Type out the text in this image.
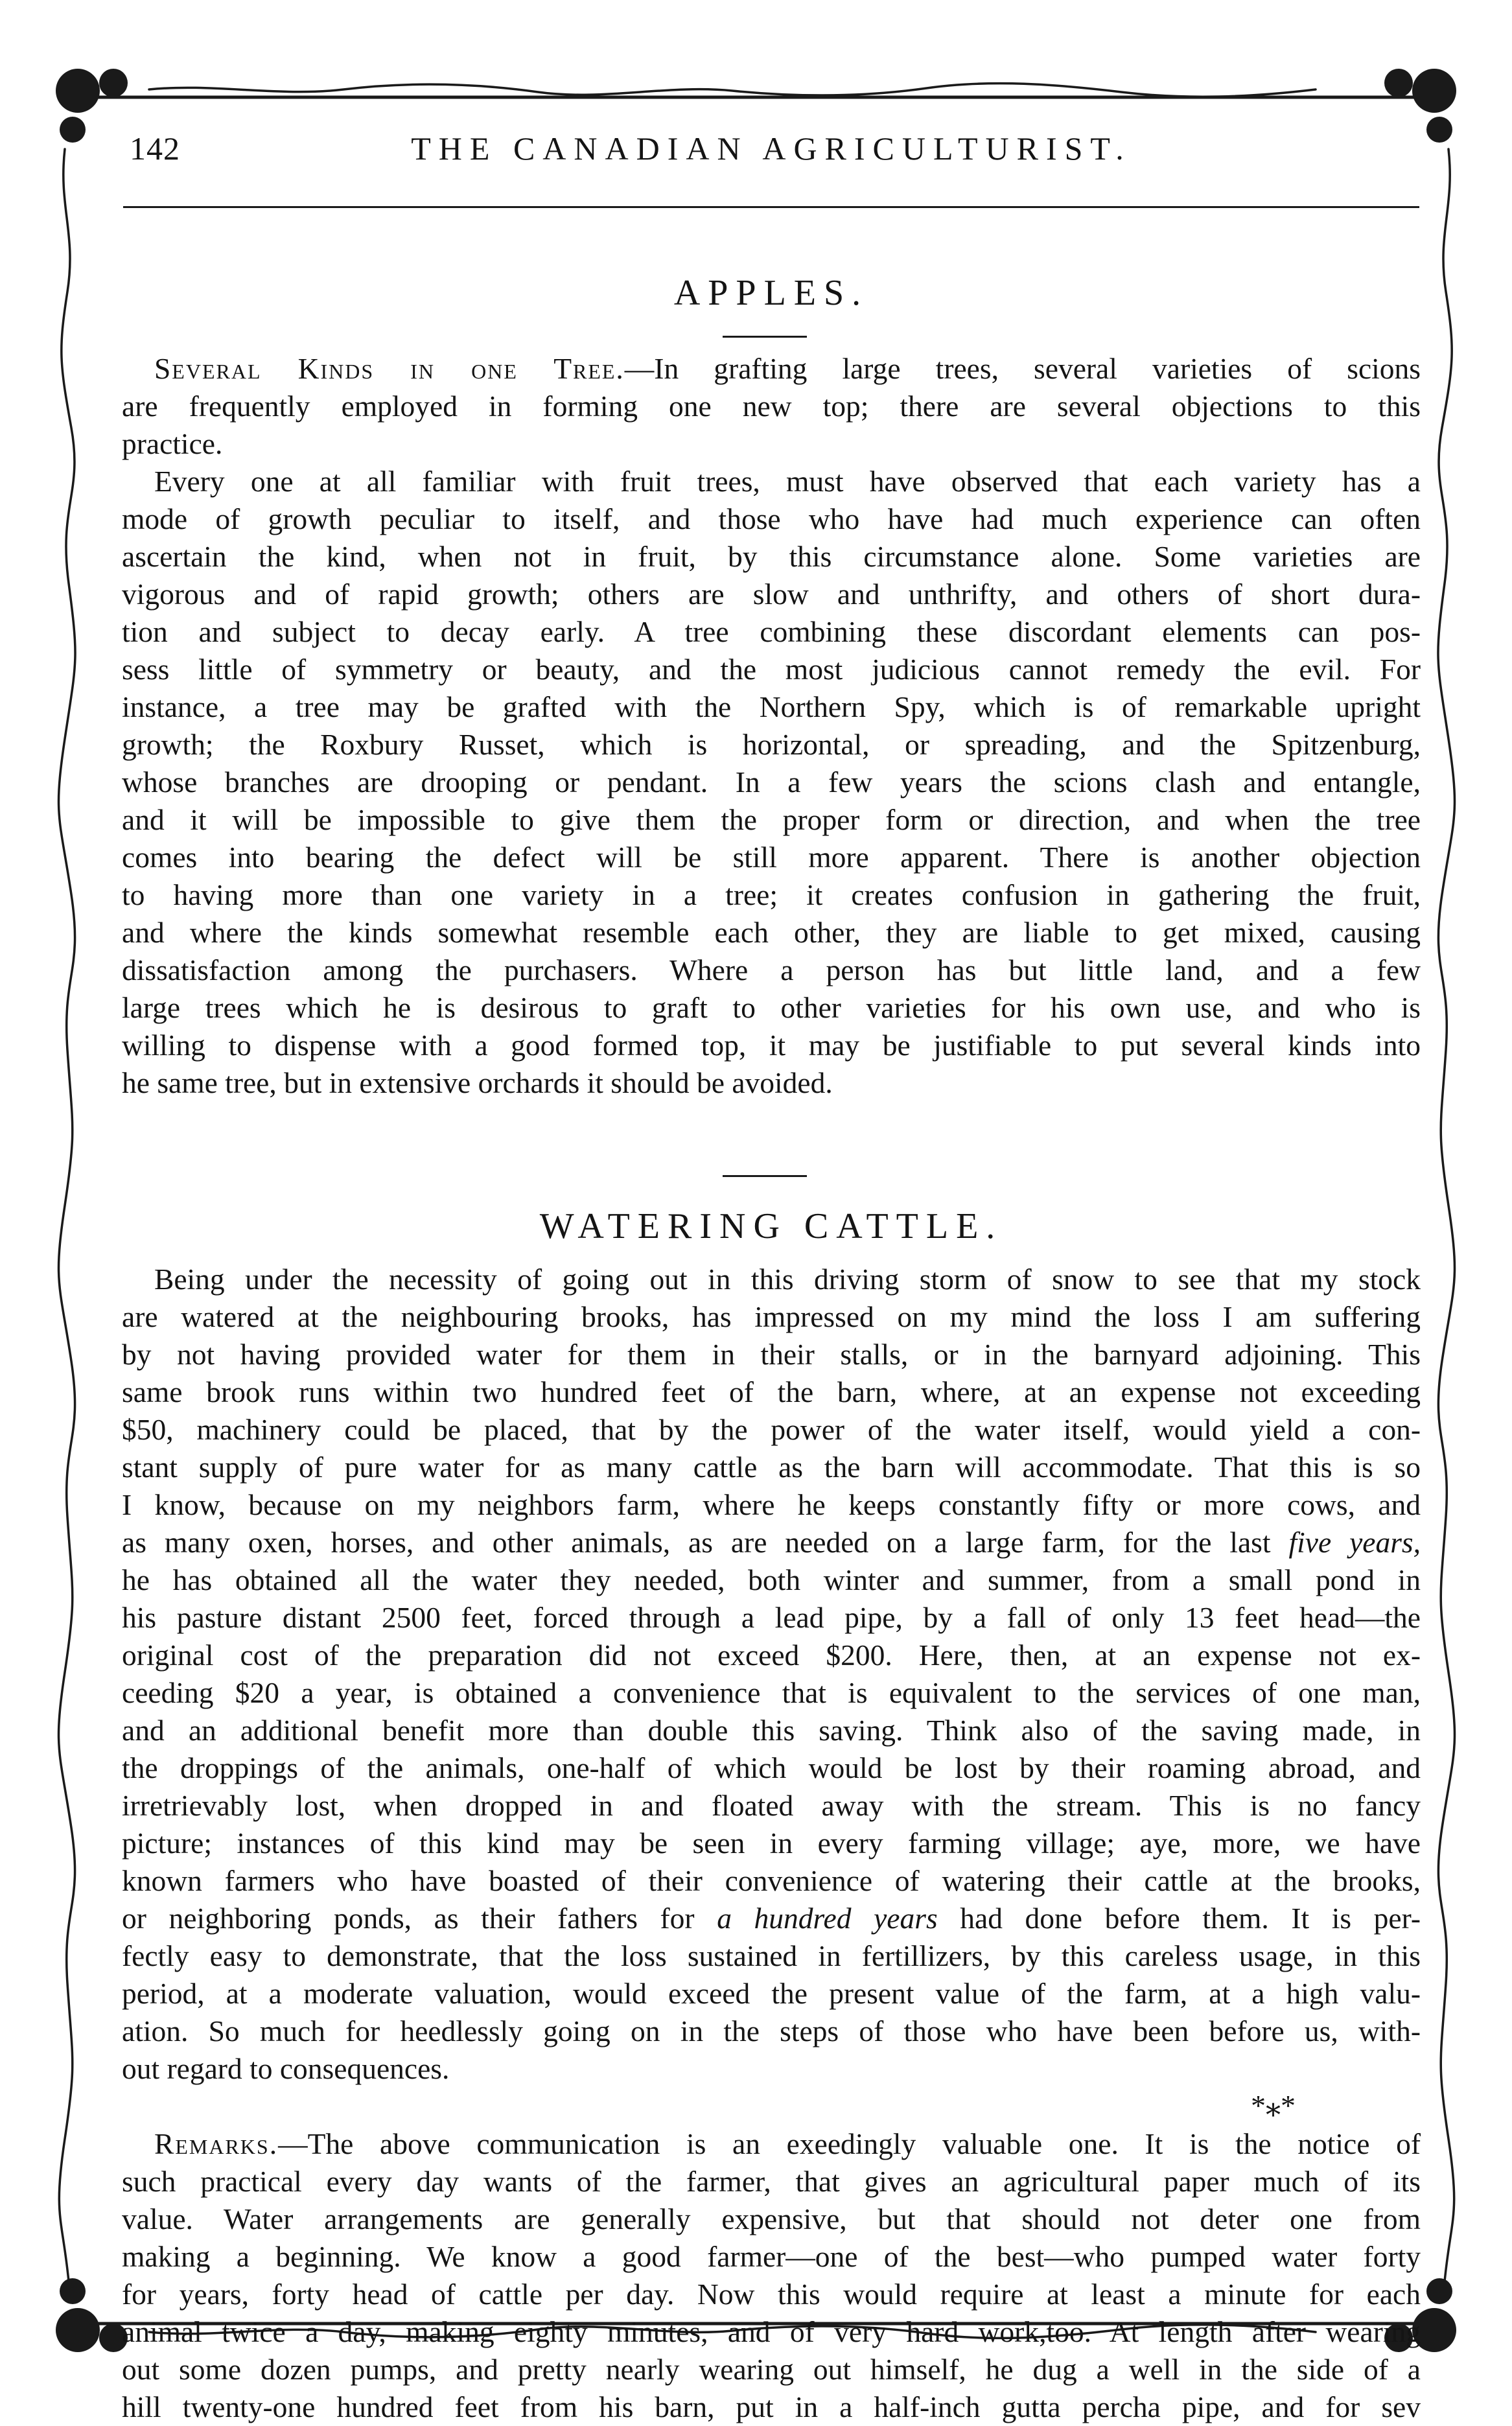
142	THE CANADIAN AGRICULTURIST.
APPLES.
Several Kinds in one Tree.—In grafting large trees, several varieties of scions
are frequently employed in forming one new top; there are several objections to this
practice.
Every one at all familiar with fruit trees, must have observed that each variety has a
mode of growth peculiar to itself, and those who have had much experience can often
ascertain the kind, when not in fruit, by this circumstance alone. Some varieties are
vigorous and of rapid growth; others are slow and unthrifty, and others of short dura-
tion and subject to decay early. A tree combining these discordant elements can pos-
sess little of symmetry or beauty, and the most judicious cannot remedy the evil. For
instance, a tree may be grafted with the Northern Spy, which is of remarkable upright
growth; the Roxbury Russet, which is horizontal, or spreading, and the Spitzenburg,
whose branches are drooping or pendant. In a few years the scions clash and entangle,
and it will be impossible to give them the proper form or direction, and when the tree
comes into bearing the defect will be still more apparent. There is another objection
to having more than one variety in a tree; it creates confusion in gathering the fruit,
and where the kinds somewhat resemble each other, they are liable to get mixed, causing
dissatisfaction among the purchasers. Where a person has but little land, and a few
large trees which he is desirous to graft to other varieties for his own use, and who is
willing to dispense with a good formed top, it may be justifiable to put several kinds into
he same tree, but in extensive orchards it should be avoided.
WATERING CATTLE.
Being under the necessity of going out in this driving storm of snow to see that my stock
are watered at the neighbouring brooks, has impressed on my mind the loss I am suffering
by not having provided water for them in their stalls, or in the barnyard adjoining. This
same brook runs within two hundred feet of the barn, where, at an expense not exceeding
$50, machinery could be placed, that by the power of the water itself, would yield a con-
stant supply of pure water for as many cattle as the barn will accommodate. That this is so
I know, because on my neighbors farm, where he keeps constantly fifty or more cows, and
as many oxen, horses, and other animals, as are needed on a large farm, for the last five years,
he has obtained all the water they needed, both winter and summer, from a small pond in
his pasture distant 2500 feet, forced through a lead pipe, by a fall of only 13 feet head—the
original cost of the preparation did not exceed $200. Here, then, at an expense not ex-
ceeding $20 a year, is obtained a convenience that is equivalent to the services of one man,
and an additional benefit more than double this saving. Think also of the saving made, in
the droppings of the animals, one-half of which would be lost by their roaming abroad, and
irretrievably lost, when dropped in and floated away with the stream. This is no fancy
picture; instances of this kind may be seen in every farming village; aye, more, we have
known farmers who have boasted of their convenience of watering their cattle at the brooks,
or neighboring ponds, as their fathers for a hundred years had done before them. It is per-
fectly easy to demonstrate, that the loss sustained in fertillizers, by this careless usage, in this
period, at a moderate valuation, would exceed the present value of the farm, at a high valu-
ation. So much for heedlessly going on in the steps of those who have been before us, with-
out regard to consequences.
*⁎*
Remarks.—The above communication is an exeedingly valuable one. It is the notice of
such practical every day wants of the farmer, that gives an agricultural paper much of its
value. Water arrangements are generally expensive, but that should not deter one from
making a beginning. We know a good farmer—one of the best—who pumped water forty
for years, forty head of cattle per day. Now this would require at least a minute for each
animal twice a day, making eighty minutes, and of very hard work,too. At length after wearing
out some dozen pumps, and pretty nearly wearing out himself, he dug a well in the side of a
hill twenty-one hundred feet from his barn, put in a half-inch gutta percha pipe, and for sev
